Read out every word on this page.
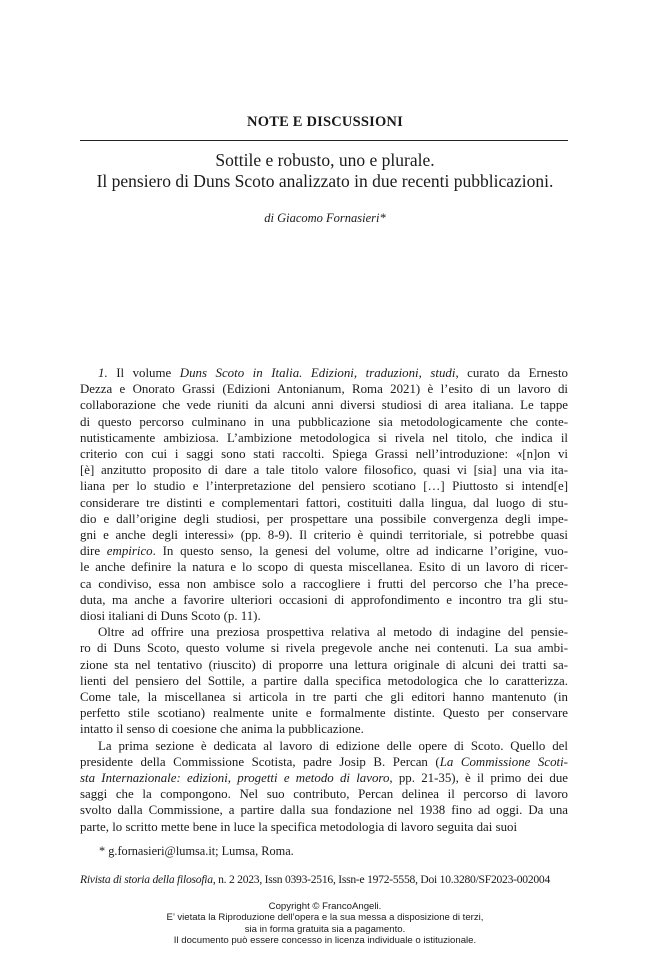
NOTE E DISCUSSIONI
Sottile e robusto, uno e plurale.
Il pensiero di Duns Scoto analizzato in due recenti pubblicazioni.
di Giacomo Fornasieri*
1. Il volume Duns Scoto in Italia. Edizioni, traduzioni, studi, curato da Ernesto
Dezza e Onorato Grassi (Edizioni Antonianum, Roma 2021) è l’esito di un lavoro di
collaborazione che vede riuniti da alcuni anni diversi studiosi di area italiana. Le tappe
di questo percorso culminano in una pubblicazione sia metodologicamente che conte-
nutisticamente ambiziosa. L’ambizione metodologica si rivela nel titolo, che indica il
criterio con cui i saggi sono stati raccolti. Spiega Grassi nell’introduzione: «[n]on vi
[è] anzitutto proposito di dare a tale titolo valore filosofico, quasi vi [sia] una via ita-
liana per lo studio e l’interpretazione del pensiero scotiano […] Piuttosto si intend[e]
considerare tre distinti e complementari fattori, costituiti dalla lingua, dal luogo di stu-
dio e dall’origine degli studiosi, per prospettare una possibile convergenza degli impe-
gni e anche degli interessi» (pp. 8-9). Il criterio è quindi territoriale, si potrebbe quasi
dire empirico. In questo senso, la genesi del volume, oltre ad indicarne l’origine, vuo-
le anche definire la natura e lo scopo di questa miscellanea. Esito di un lavoro di ricer-
ca condiviso, essa non ambisce solo a raccogliere i frutti del percorso che l’ha prece-
duta, ma anche a favorire ulteriori occasioni di approfondimento e incontro tra gli stu-
diosi italiani di Duns Scoto (p. 11).
Oltre ad offrire una preziosa prospettiva relativa al metodo di indagine del pensie-
ro di Duns Scoto, questo volume si rivela pregevole anche nei contenuti. La sua ambi-
zione sta nel tentativo (riuscito) di proporre una lettura originale di alcuni dei tratti sa-
lienti del pensiero del Sottile, a partire dalla specifica metodologica che lo caratterizza.
Come tale, la miscellanea si articola in tre parti che gli editori hanno mantenuto (in
perfetto stile scotiano) realmente unite e formalmente distinte. Questo per conservare
intatto il senso di coesione che anima la pubblicazione.
La prima sezione è dedicata al lavoro di edizione delle opere di Scoto. Quello del
presidente della Commissione Scotista, padre Josip B. Percan (La Commissione Scoti-
sta Internazionale: edizioni, progetti e metodo di lavoro, pp. 21-35), è il primo dei due
saggi che la compongono. Nel suo contributo, Percan delinea il percorso di lavoro
svolto dalla Commissione, a partire dalla sua fondazione nel 1938 fino ad oggi. Da una
parte, lo scritto mette bene in luce la specifica metodologia di lavoro seguita dai suoi
* g.fornasieri@lumsa.it; Lumsa, Roma.
Rivista di storia della filosofia, n. 2 2023, Issn 0393-2516, Issn-e 1972-5558, Doi 10.3280/SF2023-002004
Copyright © FrancoAngeli.
E’ vietata la Riproduzione dell’opera e la sua messa a disposizione di terzi,
sia in forma gratuita sia a pagamento.
Il documento può essere concesso in licenza individuale o istituzionale.
